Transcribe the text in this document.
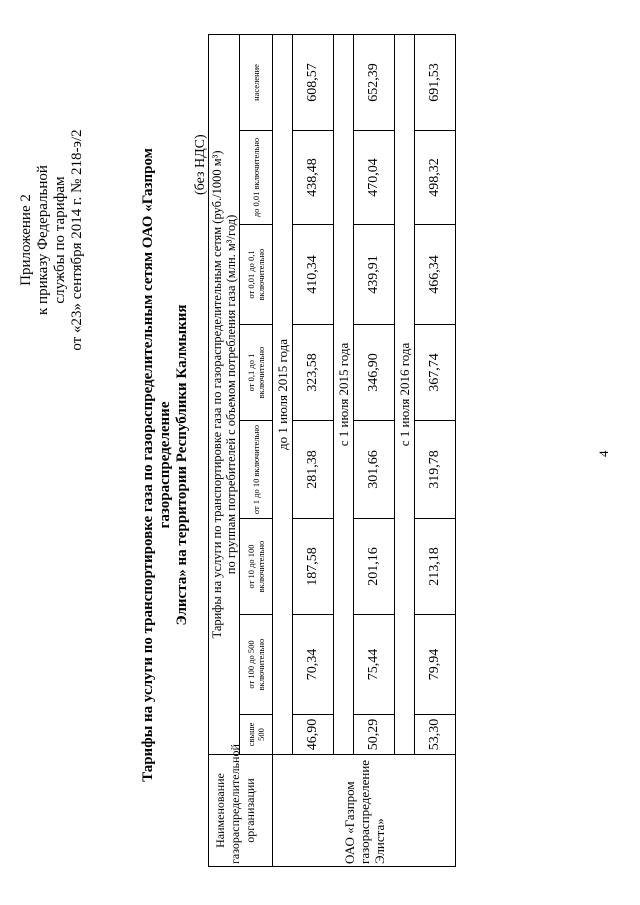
Приложение 2 к приказу Федеральной службы по тарифам от «23» сентября 2014 г. № 218-э/2	Тарифы на услуги по транспортировке газа по газораспределительным сетям ОАО «Газпром газораспределение Элиста» на территории Республики Калмыкия
(без НДС)
Наименование газораспределительной организации	Тарифы на услуги по транспортировке газа по газораспределительным сетям (руб./1000 м³) по группам потребителей с объемом потребления газа (млн. м³/год)							

	свыше 500	от 100 до 500 включительно	от 10 до 100 включительно	от 1 до 10 включительно	от 0,1 до 1 включительно	от 0,01 до 0,1 включительно	до 0,01 включительно	население
ОАО «Газпром газораспределение Элиста»	до 1 июля 2015 года							
	46,90	70,34	187,58	281,38	323,58	410,34	438,48	608,57
	с 1 июля 2015 года							
	50,29	75,44	201,16	301,66	346,90	439,91	470,04	652,39
	с 1 июля 2016 года							
	53,30	79,94	213,18	319,78	367,74	466,34	498,32	691,53
4
